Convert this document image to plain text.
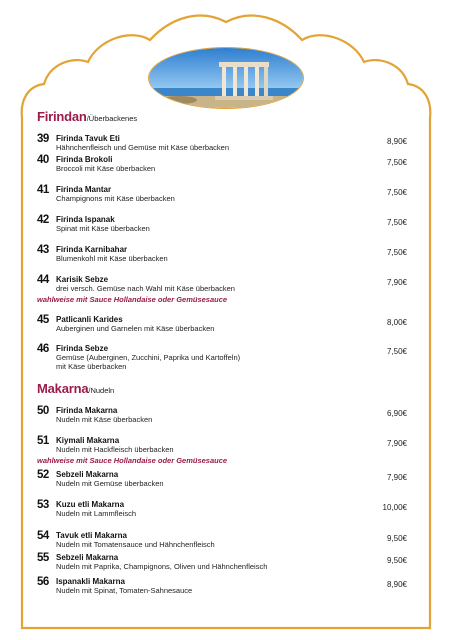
Firindan/Überbackenes
39 Firinda Tavuk Eti
Hähnchenfleisch und Gemüse mit Käse überbacken
8,90€
40 Firinda Brokoli
Broccoli mit Käse überbacken
7,50€
41 Firinda Mantar
Champignons mit Käse überbacken
7,50€
42 Firinda Ispanak
Spinat mit Käse überbacken
7,50€
43 Firinda Karnibahar
Blumenkohl mit Käse überbacken
7,50€
44 Karisik Sebze
drei versch. Gemüse nach Wahl mit Käse überbacken
7,90€
wahlweise mit Sauce Hollandaise oder Gemüsesauce
45 Patlicanli Karides
Auberginen und Garnelen mit Käse überbacken
8,00€
46 Firinda Sebze
Gemüse (Auberginen, Zucchini, Paprika und Kartoffeln)
mit Käse überbacken
7,50€
Makarna/Nudeln
50 Firinda Makarna
Nudeln mit Käse überbacken
6,90€
51 Kiymali Makarna
Nudeln mit Hackfleisch überbacken
7,90€
wahlweise mit Sauce Hollandaise oder Gemüsesauce
52 Sebzeli Makarna
Nudeln mit Gemüse überbacken
7,90€
53 Kuzu etli Makarna
Nudeln mit Lammfleisch
10,00€
54 Tavuk etli Makarna
Nudeln mit Tomatensauce und Hähnchenfleisch
9,50€
55 Sebzeli Makarna
Nudeln mit Paprika, Champignons, Oliven und Hähnchenfleisch
9,50€
56 Ispanakli Makarna
Nudeln mit Spinat, Tomaten-Sahnesauce
8,90€
